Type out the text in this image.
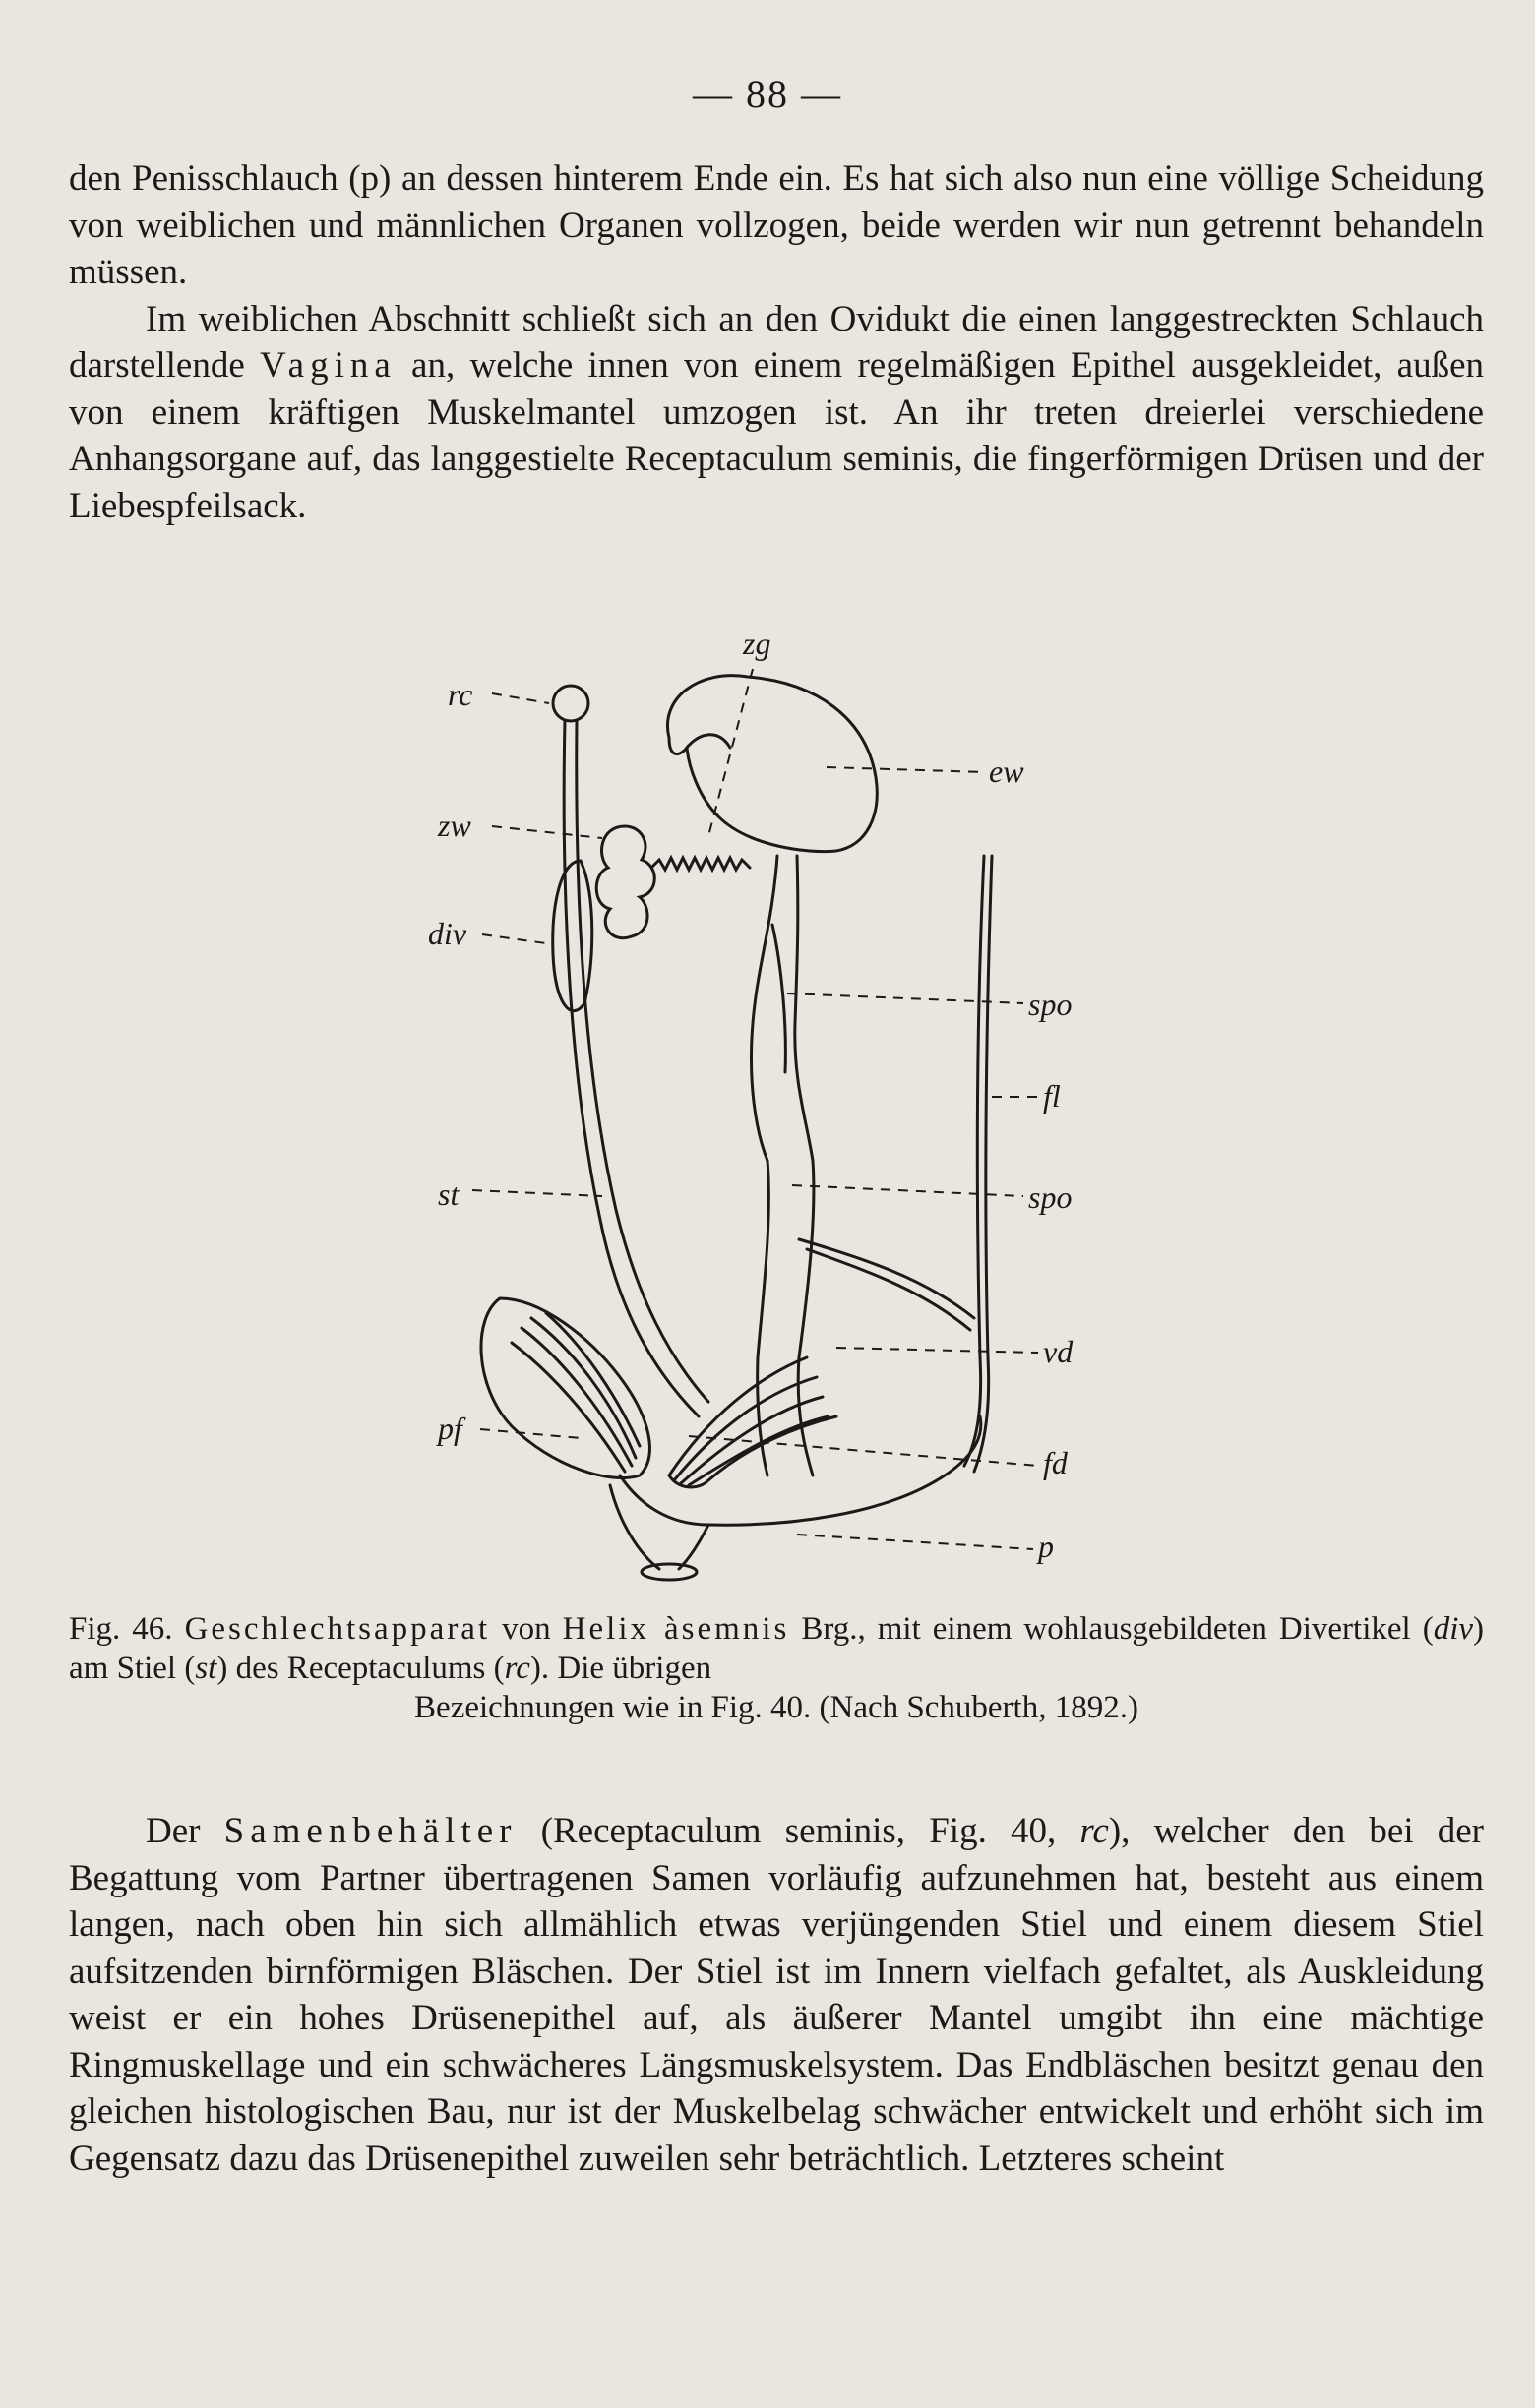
— 88 —

den Penisschlauch (p) an dessen hinterem Ende ein. Es hat sich also nun eine völlige Scheidung von weiblichen und männlichen Organen vollzogen, beide werden wir nun getrennt behandeln müssen.

Im weiblichen Abschnitt schließt sich an den Ovidukt die einen langgestreckten Schlauch darstellende Vagina an, welche innen von einem regelmäßigen Epithel ausgekleidet, außen von einem kräftigen Muskelmantel umzogen ist. An ihr treten dreierlei verschiedene Anhangsorgane auf, das langgestielte Receptaculum seminis, die fingerförmigen Drüsen und der Liebespfeilsack.

zg
rc
ew
zw
div
spo
fl
st	spo
vd
pf
fd
p

Fig. 46. Geschlechtsapparat von Helix àsemnis Brg., mit einem wohlausgebildeten Divertikel (div) am Stiel (st) des Receptaculums (rc). Die übrigen

Bezeichnungen wie in Fig. 40. (Nach Schuberth, 1892.)

Der Samenbehälter (Receptaculum seminis, Fig. 40, rc), welcher den bei der Begattung vom Partner übertragenen Samen vorläufig aufzunehmen hat, besteht aus einem langen, nach oben hin sich allmählich etwas verjüngenden Stiel und einem diesem Stiel aufsitzenden birnförmigen Bläschen. Der Stiel ist im Innern vielfach gefaltet, als Auskleidung weist er ein hohes Drüsenepithel auf, als äußerer Mantel umgibt ihn eine mächtige Ringmuskellage und ein schwächeres Längsmuskelsystem. Das Endbläschen besitzt genau den gleichen histologischen Bau, nur ist der Muskelbelag schwächer entwickelt und erhöht sich im Gegensatz dazu das Drüsenepithel zuweilen sehr beträchtlich. Letzteres scheint
